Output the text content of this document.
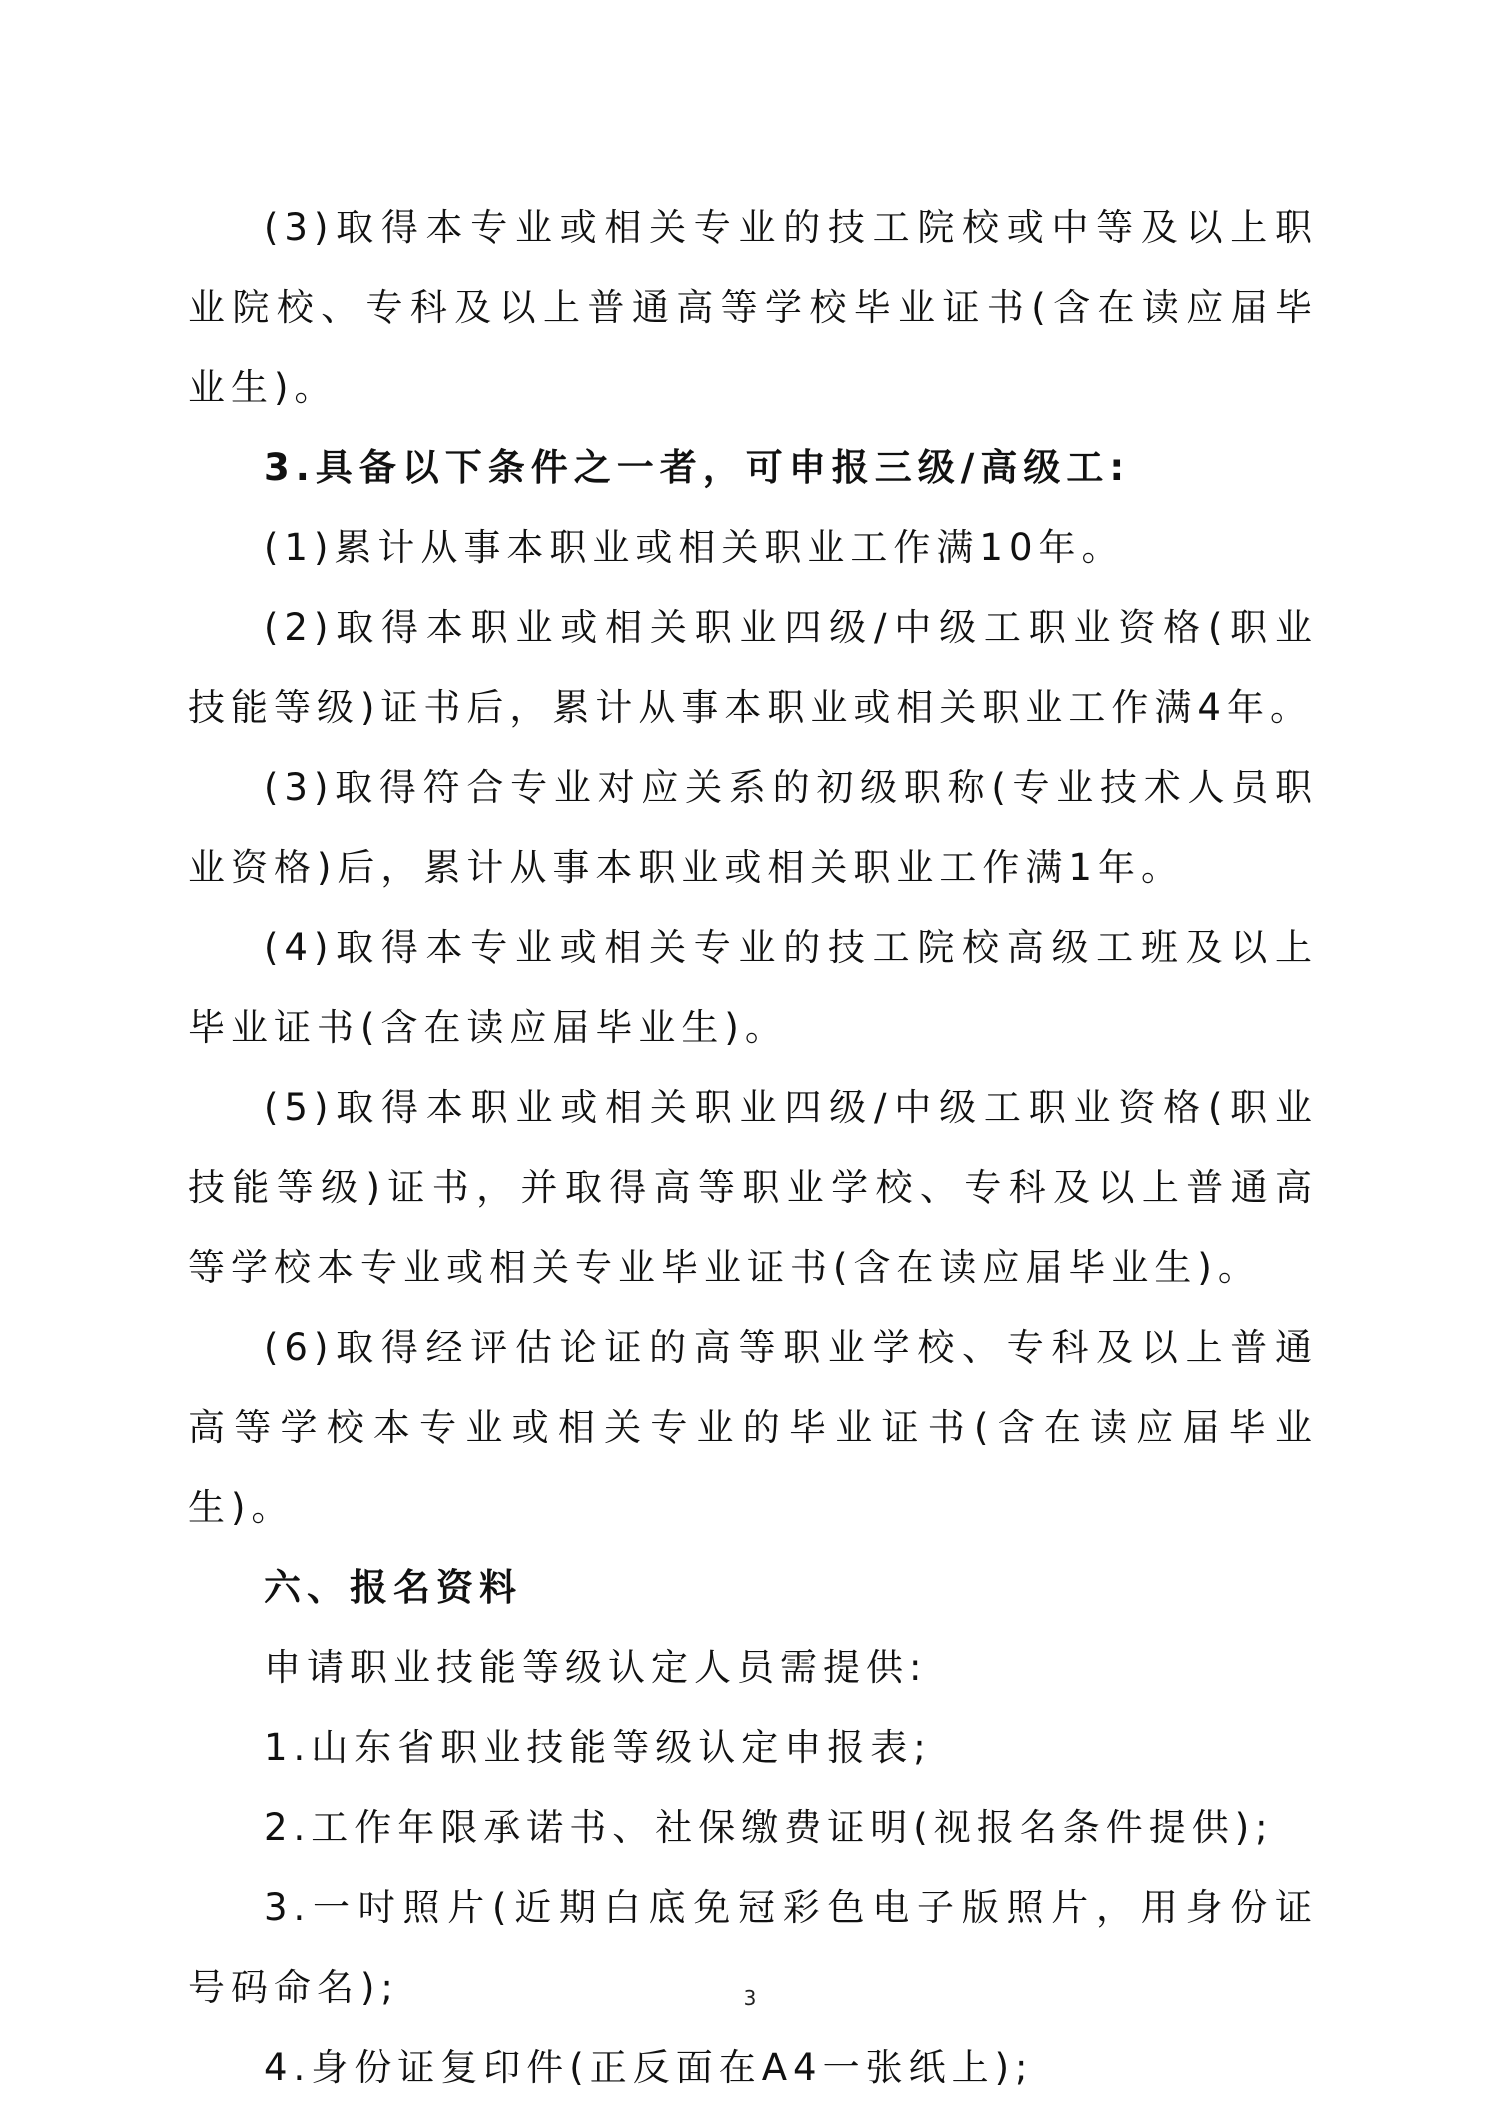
(3)取得本专业或相关专业的技工院校或中等及以上职业院校、专科及以上普通高等学校毕业证书(含在读应届毕业生)。

3.具备以下条件之一者，可申报三级/高级工:

(1)累计从事本职业或相关职业工作满10年。

(2)取得本职业或相关职业四级/中级工职业资格(职业技能等级)证书后，累计从事本职业或相关职业工作满4年。

(3)取得符合专业对应关系的初级职称(专业技术人员职业资格)后，累计从事本职业或相关职业工作满1年。

(4)取得本专业或相关专业的技工院校高级工班及以上毕业证书(含在读应届毕业生)。

(5)取得本职业或相关职业四级/中级工职业资格(职业技能等级)证书，并取得高等职业学校、专科及以上普通高等学校本专业或相关专业毕业证书(含在读应届毕业生)。

(6)取得经评估论证的高等职业学校、专科及以上普通高等学校本专业或相关专业的毕业证书(含在读应届毕业生)。

六、报名资料

申请职业技能等级认定人员需提供:

1.山东省职业技能等级认定申报表;

2.工作年限承诺书、社保缴费证明(视报名条件提供);

3.一吋照片(近期白底免冠彩色电子版照片，用身份证号码命名);

4.身份证复印件(正反面在A4一张纸上);

3
